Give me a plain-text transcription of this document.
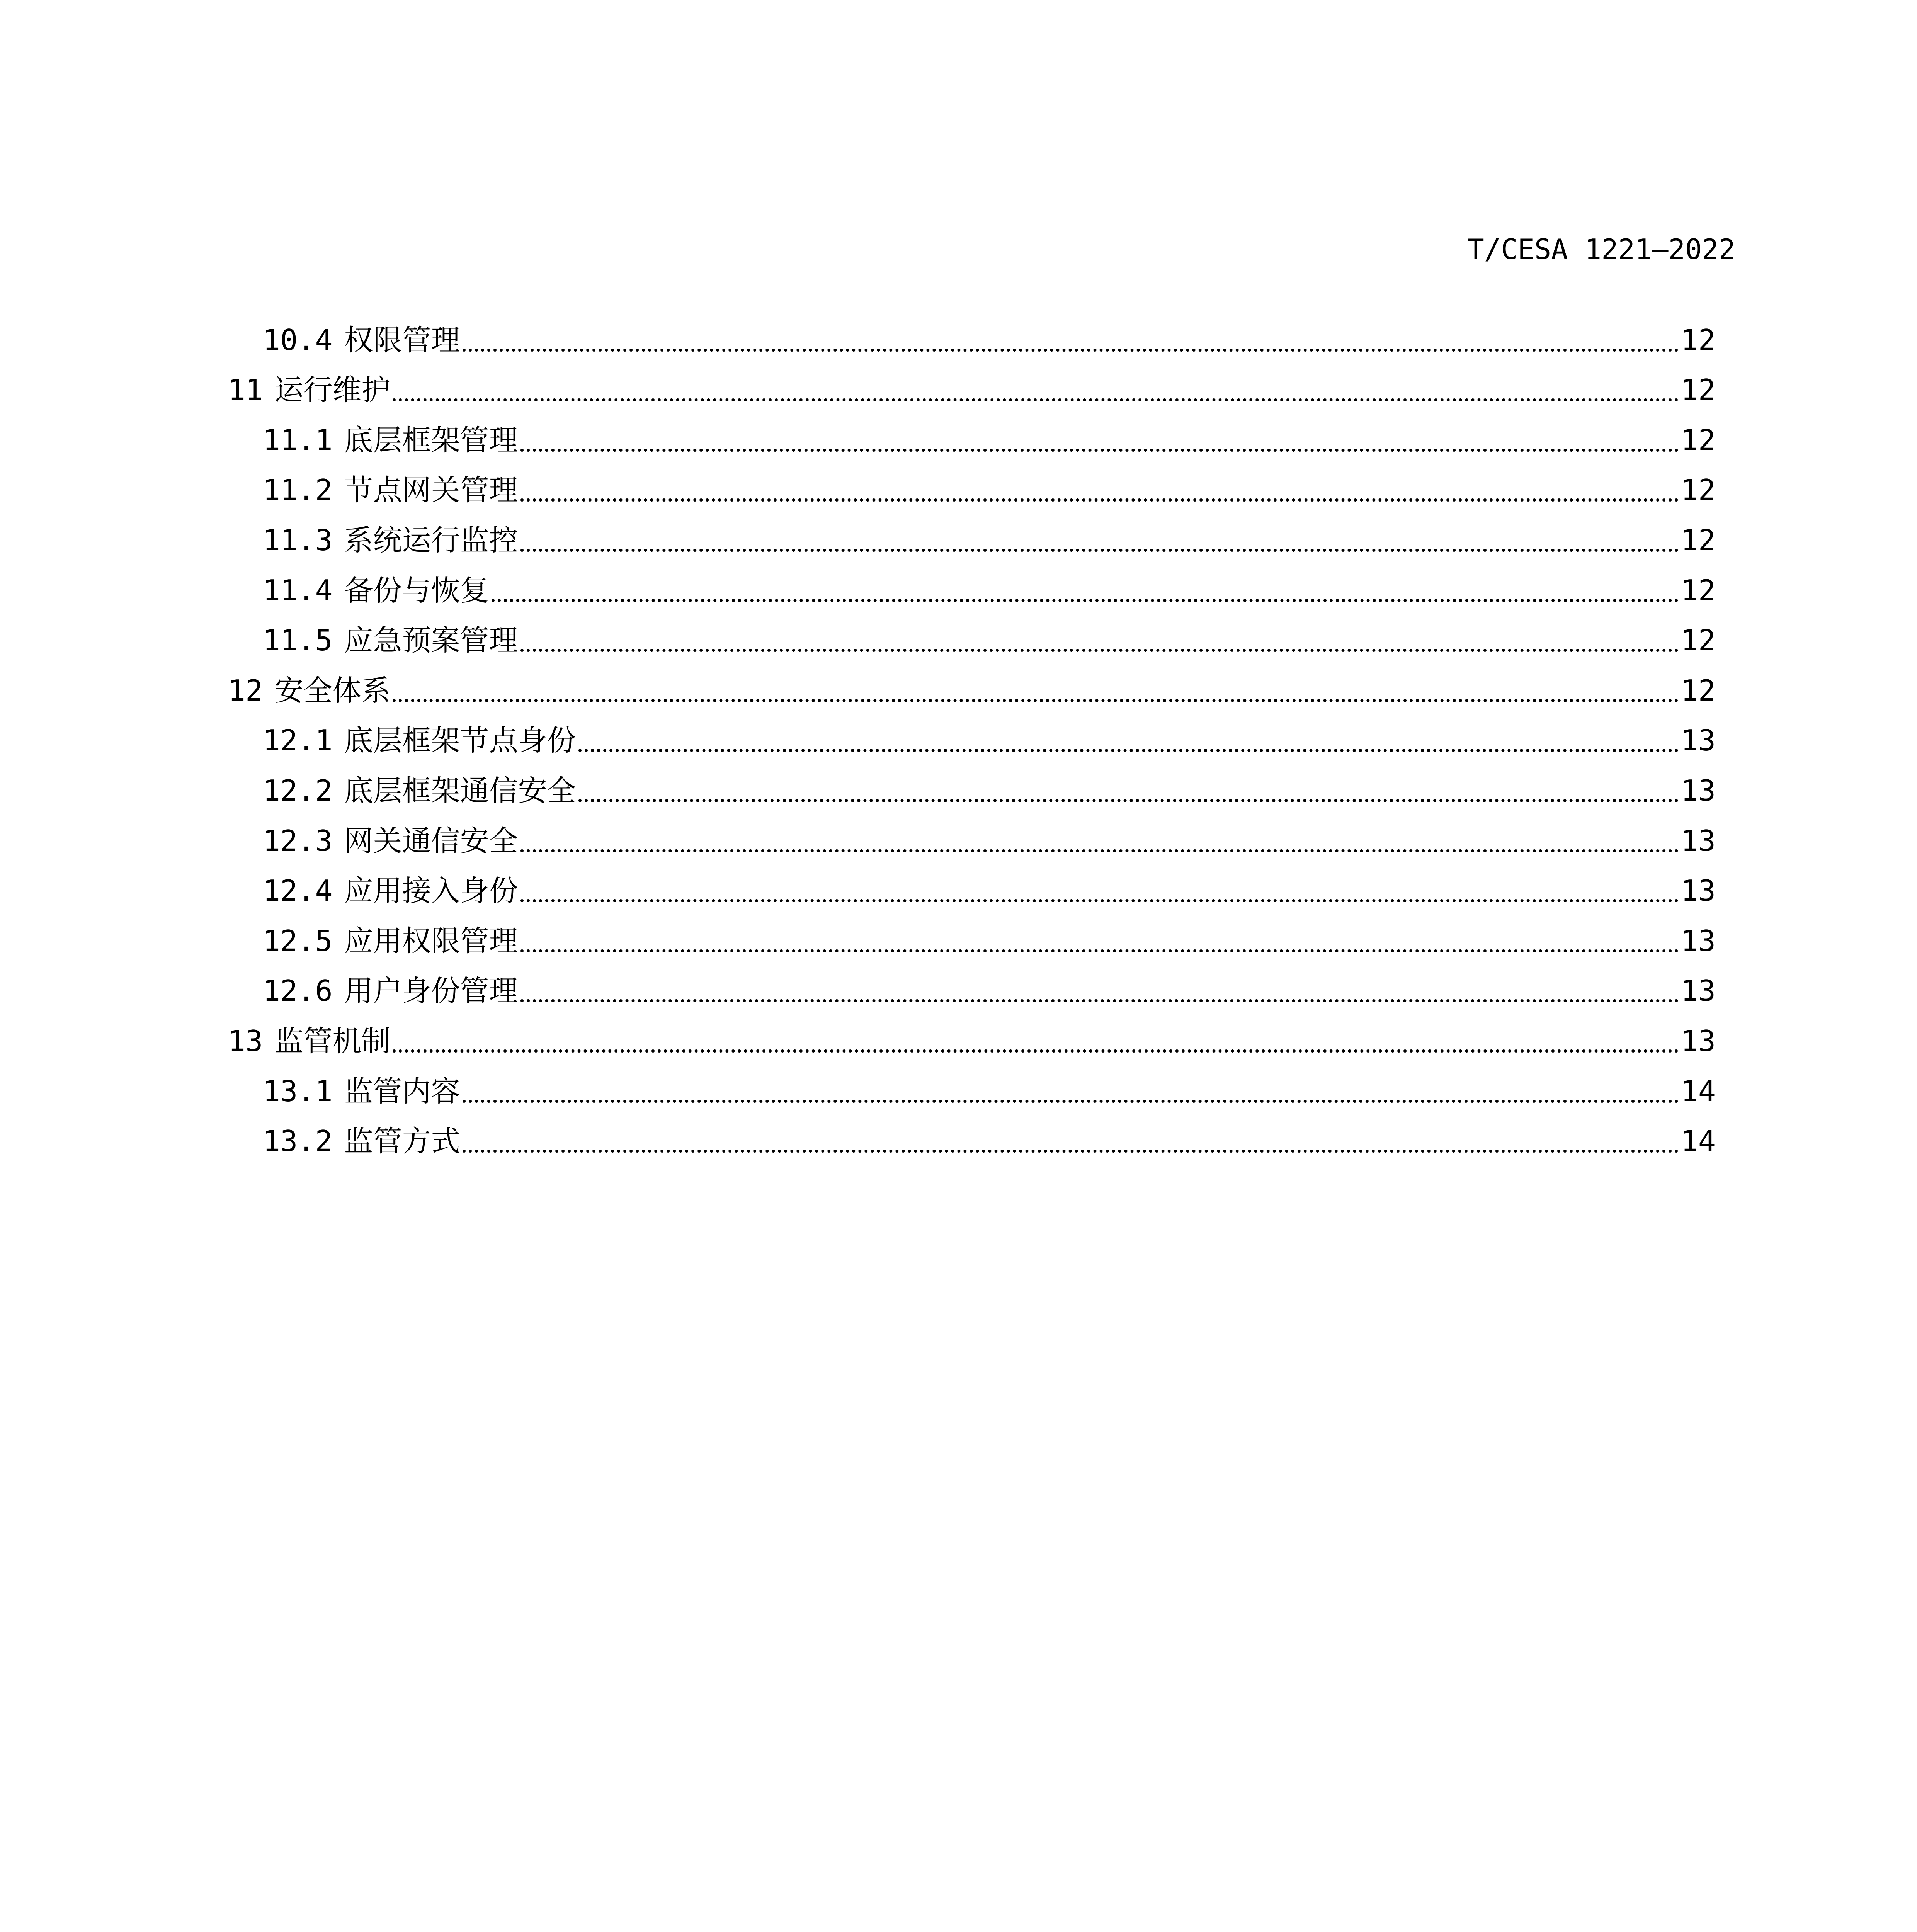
T/CESA 1221—2022
10.4 权限管理	12
11 运行维护	12
11.1 底层框架管理	12
11.2 节点网关管理	12
11.3 系统运行监控	12
11.4 备份与恢复	12
11.5 应急预案管理	12
12 安全体系	12
12.1 底层框架节点身份	13
12.2 底层框架通信安全	13
12.3 网关通信安全	13
12.4 应用接入身份	13
12.5 应用权限管理	13
12.6 用户身份管理	13
13 监管机制	13
13.1 监管内容	14
13.2 监管方式	14
